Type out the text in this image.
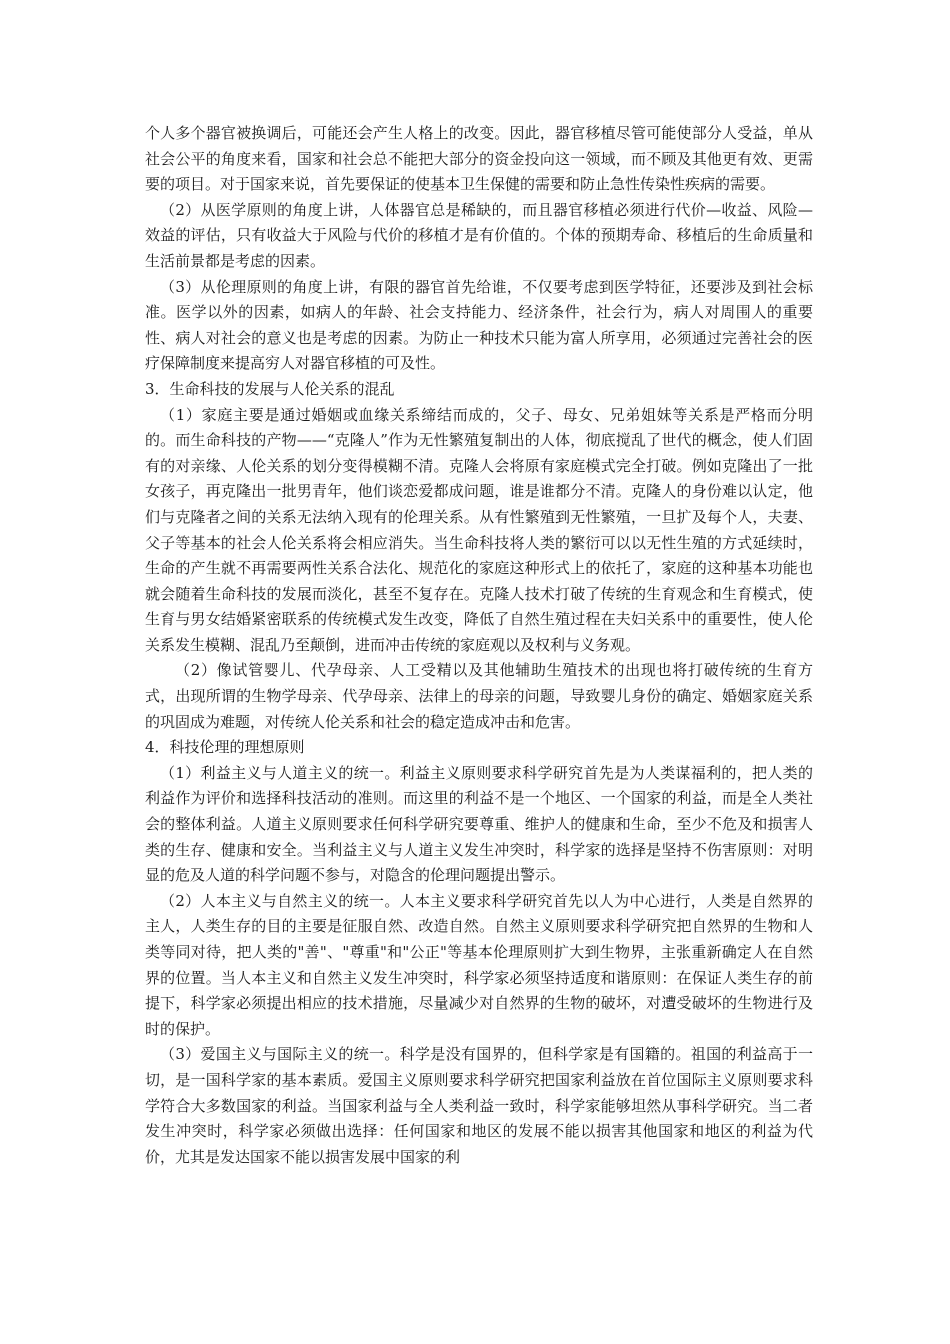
个人多个器官被换调后，可能还会产生人格上的改变。因此，器官移植尽管可能使部分人受益，单从社会公平的角度来看，国家和社会总不能把大部分的资金投向这一领域，而不顾及其他更有效、更需要的项目。对于国家来说，首先要保证的使基本卫生保健的需要和防止急性传染性疾病的需要。

（2）从医学原则的角度上讲，人体器官总是稀缺的，而且器官移植必须进行代价—收益、风险—效益的评估，只有收益大于风险与代价的移植才是有价值的。个体的预期寿命、移植后的生命质量和生活前景都是考虑的因素。

（3）从伦理原则的角度上讲，有限的器官首先给谁，不仅要考虑到医学特征，还要涉及到社会标准。医学以外的因素，如病人的年龄、社会支持能力、经济条件，社会行为，病人对周围人的重要性、病人对社会的意义也是考虑的因素。为防止一种技术只能为富人所享用，必须通过完善社会的医疗保障制度来提高穷人对器官移植的可及性。

3．生命科技的发展与人伦关系的混乱

（1）家庭主要是通过婚姻或血缘关系缔结而成的，父子、母女、兄弟姐妹等关系是严格而分明的。而生命科技的产物——“克隆人”作为无性繁殖复制出的人体，彻底搅乱了世代的概念，使人们固有的对亲缘、人伦关系的划分变得模糊不清。克隆人会将原有家庭模式完全打破。例如克隆出了一批女孩子，再克隆出一批男青年，他们谈恋爱都成问题，谁是谁都分不清。克隆人的身份难以认定，他们与克隆者之间的关系无法纳入现有的伦理关系。从有性繁殖到无性繁殖，一旦扩及每个人，夫妻、父子等基本的社会人伦关系将会相应消失。当生命科技将人类的繁衍可以以无性生殖的方式延续时，生命的产生就不再需要两性关系合法化、规范化的家庭这种形式上的依托了，家庭的这种基本功能也就会随着生命科技的发展而淡化，甚至不复存在。克隆人技术打破了传统的生育观念和生育模式，使生育与男女结婚紧密联系的传统模式发生改变，降低了自然生殖过程在夫妇关系中的重要性，使人伦关系发生模糊、混乱乃至颠倒，进而冲击传统的家庭观以及权利与义务观。

（2）像试管婴儿、代孕母亲、人工受精以及其他辅助生殖技术的出现也将打破传统的生育方式，出现所谓的生物学母亲、代孕母亲、法律上的母亲的问题，导致婴儿身份的确定、婚姻家庭关系的巩固成为难题，对传统人伦关系和社会的稳定造成冲击和危害。

4．科技伦理的理想原则

（1）利益主义与人道主义的统一。利益主义原则要求科学研究首先是为人类谋福利的，把人类的利益作为评价和选择科技活动的准则。而这里的利益不是一个地区、一个国家的利益，而是全人类社会的整体利益。人道主义原则要求任何科学研究要尊重、维护人的健康和生命，至少不危及和损害人类的生存、健康和安全。当利益主义与人道主义发生冲突时，科学家的选择是坚持不伤害原则：对明显的危及人道的科学问题不参与，对隐含的伦理问题提出警示。

（2）人本主义与自然主义的统一。人本主义要求科学研究首先以人为中心进行，人类是自然界的主人，人类生存的目的主要是征服自然、改造自然。自然主义原则要求科学研究把自然界的生物和人类等同对待，把人类的"善"、"尊重"和"公正"等基本伦理原则扩大到生物界，主张重新确定人在自然界的位置。当人本主义和自然主义发生冲突时，科学家必须坚持适度和谐原则：在保证人类生存的前提下，科学家必须提出相应的技术措施，尽量减少对自然界的生物的破坏，对遭受破坏的生物进行及时的保护。

（3）爱国主义与国际主义的统一。科学是没有国界的，但科学家是有国籍的。祖国的利益高于一切，是一国科学家的基本素质。爱国主义原则要求科学研究把国家利益放在首位国际主义原则要求科学符合大多数国家的利益。当国家利益与全人类利益一致时，科学家能够坦然从事科学研究。当二者发生冲突时，科学家必须做出选择：任何国家和地区的发展不能以损害其他国家和地区的利益为代价，尤其是发达国家不能以损害发展中国家的利
